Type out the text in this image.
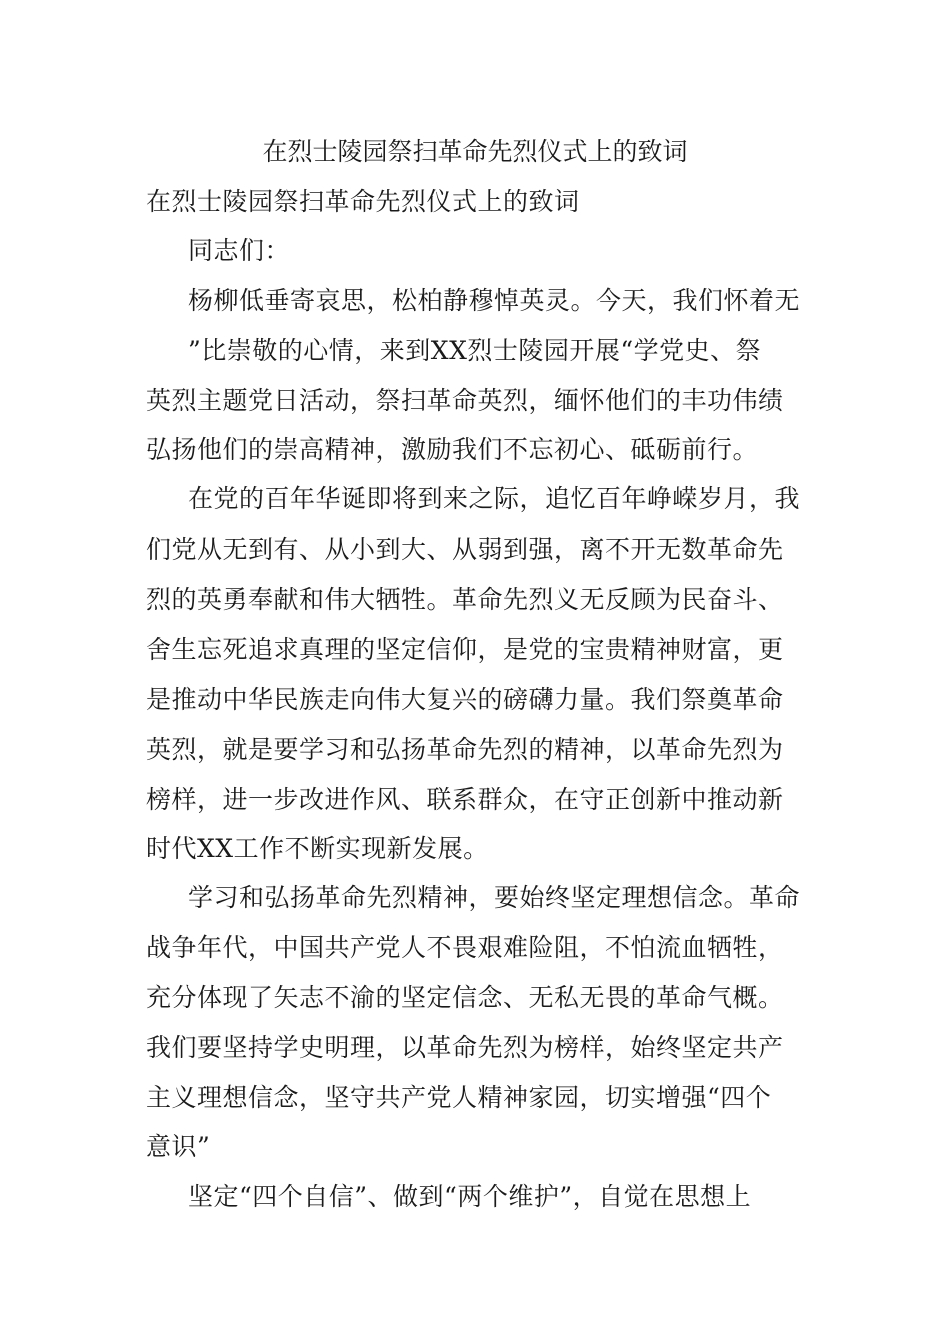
在烈士陵园祭扫革命先烈仪式上的致词
在烈士陵园祭扫革命先烈仪式上的致词
同志们：
杨柳低垂寄哀思，松柏静穆悼英灵。今天，我们怀着无
”比崇敬的心情，来到XX烈士陵园开展“学党史、祭
英烈主题党日活动，祭扫革命英烈，缅怀他们的丰功伟绩
弘扬他们的崇高精神，激励我们不忘初心、砥砺前行。
在党的百年华诞即将到来之际，追忆百年峥嵘岁月，我
们党从无到有、从小到大、从弱到强，离不开无数革命先
烈的英勇奉献和伟大牺牲。革命先烈义无反顾为民奋斗、
舍生忘死追求真理的坚定信仰，是党的宝贵精神财富，更
是推动中华民族走向伟大复兴的磅礴力量。我们祭奠革命
英烈，就是要学习和弘扬革命先烈的精神，以革命先烈为
榜样，进一步改进作风、联系群众，在守正创新中推动新
时代XX工作不断实现新发展。
学习和弘扬革命先烈精神，要始终坚定理想信念。革命
战争年代，中国共产党人不畏艰难险阻，不怕流血牺牲，
充分体现了矢志不渝的坚定信念、无私无畏的革命气概。
我们要坚持学史明理，以革命先烈为榜样，始终坚定共产
主义理想信念，坚守共产党人精神家园，切实增强“四个
意识”
坚定“四个自信”、做到“两个维护”，自觉在思想上
